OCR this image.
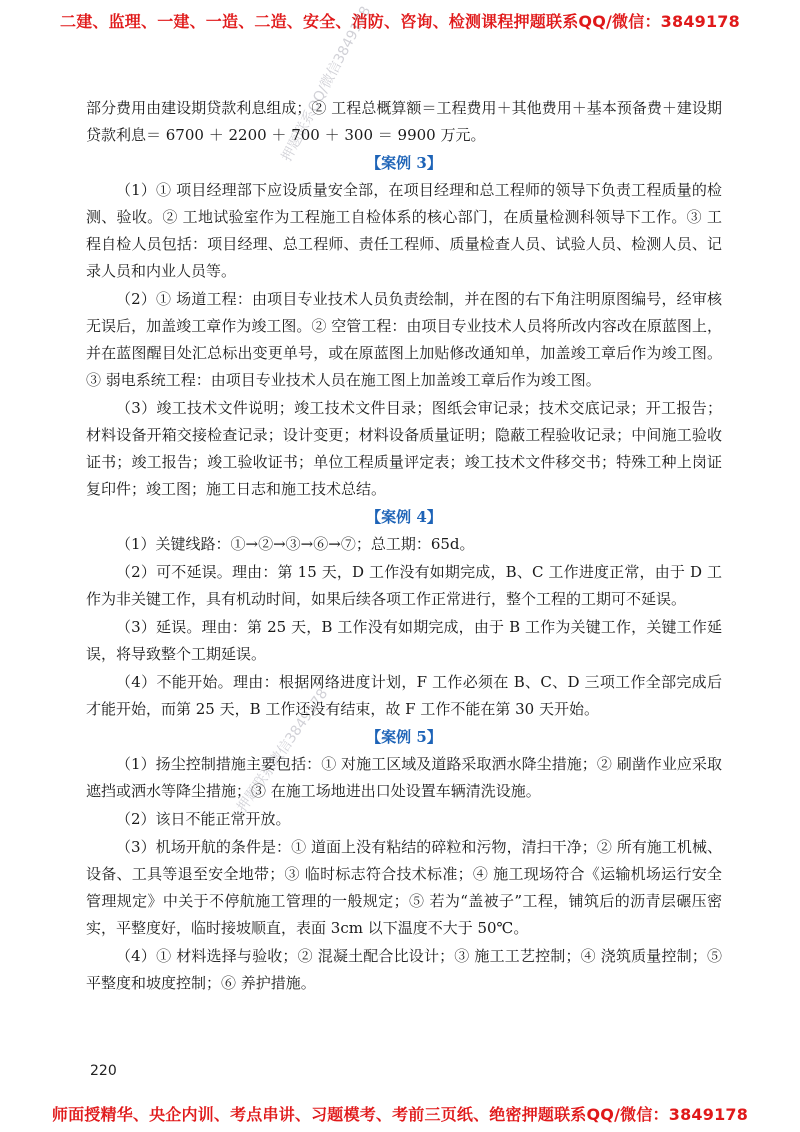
二建、监理、一建、一造、二造、安全、消防、咨询、检测课程押题联系QQ/微信：3849178
押题联系QQ/微信3849178
押题联系微信3849178

部分费用由建设期贷款利息组成；② 工程总概算额＝工程费用＋其他费用＋基本预备费＋建设期贷款利息＝ 6700 ＋ 2200 ＋ 700 ＋ 300 ＝ 9900 万元。

【案例 3】

（1）① 项目经理部下应设质量安全部，在项目经理和总工程师的领导下负责工程质量的检测、验收。② 工地试验室作为工程施工自检体系的核心部门，在质量检测科领导下工作。③ 工程自检人员包括：项目经理、总工程师、责任工程师、质量检查人员、试验人员、检测人员、记录人员和内业人员等。

（2）① 场道工程：由项目专业技术人员负责绘制，并在图的右下角注明原图编号，经审核无误后，加盖竣工章作为竣工图。② 空管工程：由项目专业技术人员将所改内容改在原蓝图上，并在蓝图醒目处汇总标出变更单号，或在原蓝图上加贴修改通知单，加盖竣工章后作为竣工图。③ 弱电系统工程：由项目专业技术人员在施工图上加盖竣工章后作为竣工图。

（3）竣工技术文件说明；竣工技术文件目录；图纸会审记录；技术交底记录；开工报告；材料设备开箱交接检查记录；设计变更；材料设备质量证明；隐蔽工程验收记录；中间施工验收证书；竣工报告；竣工验收证书；单位工程质量评定表；竣工技术文件移交书；特殊工种上岗证复印件；竣工图；施工日志和施工技术总结。

【案例 4】

（1）关键线路：①→②→③→⑥→⑦；总工期：65d。

（2）可不延误。理由：第 15 天，D 工作没有如期完成，B、C 工作进度正常，由于 D 工作为非关键工作，具有机动时间，如果后续各项工作正常进行，整个工程的工期可不延误。

（3）延误。理由：第 25 天，B 工作没有如期完成，由于 B 工作为关键工作，关键工作延误，将导致整个工期延误。

（4）不能开始。理由：根据网络进度计划，F 工作必须在 B、C、D 三项工作全部完成后才能开始，而第 25 天，B 工作还没有结束，故 F 工作不能在第 30 天开始。

【案例 5】

（1）扬尘控制措施主要包括：① 对施工区域及道路采取洒水降尘措施；② 刷凿作业应采取遮挡或洒水等降尘措施；③ 在施工场地进出口处设置车辆清洗设施。

（2）该日不能正常开放。

（3）机场开航的条件是：① 道面上没有粘结的碎粒和污物，清扫干净；② 所有施工机械、设备、工具等退至安全地带；③ 临时标志符合技术标准；④ 施工现场符合《运输机场运行安全管理规定》中关于不停航施工管理的一般规定；⑤ 若为“盖被子”工程，铺筑后的沥青层碾压密实，平整度好，临时接坡顺直，表面 3cm 以下温度不大于 50℃。

（4）① 材料选择与验收；② 混凝土配合比设计；③ 施工工艺控制；④ 浇筑质量控制；⑤ 平整度和坡度控制；⑥ 养护措施。

220
师面授精华、央企内训、考点串讲、习题模考、考前三页纸、绝密押题联系QQ/微信：3849178
